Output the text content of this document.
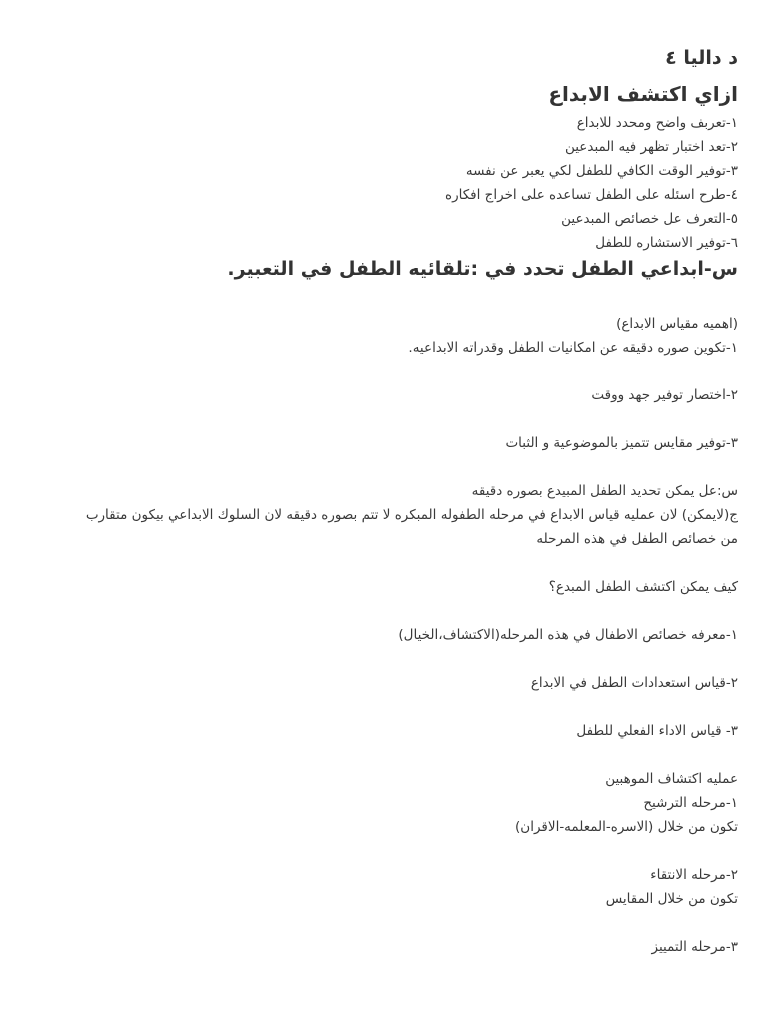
د داليا ٤
ازاي اكتشف الابداع
١-تعربف واضح ومحدد للابداع
٢-تعد اختبار تظهر فيه المبدعين
٣-توفير الوقت الكافي للطفل لكي يعبر عن نفسه
٤-طرح اسئله على الطفل تساعده على اخراج افكاره
٥-التعرف عل خصائص المبدعين
٦-توفير الاستشاره للطفل
س-ابداعي الطفل تحدد في :تلقائيه الطفل في التعبير.
(اهميه مقياس الابداع)
١-تكوين صوره دقيقه عن امكانيات الطفل وقدراته الابداعيه.
٢-اختصار توفير جهد ووقت
٣-توفير مقايس تتميز بالموضوعية و الثبات
س:عل يمكن تحديد الطفل المبيدع بصوره دقيقه
ج(لايمكن) لان عمليه قياس الابداع في مرحله الطفوله المبكره لا تتم بصوره دقيقه لان السلوك الابداعي بيكون متقارب
من خصائص الطفل في هذه المرحله
كيف يمكن اكتشف الطفل المبدع؟
١-معرفه خصائص الاطفال في هذه المرحله(الاكتشاف،الخيال)
٢-قياس استعدادات الطفل في الابداع
٣- قياس الاداء الفعلي للطفل
عمليه اكتشاف الموهبين
١-مرحله الترشيح
تكون من خلال (الاسره-المعلمه-الاقران)
٢-مرحله الانتقاء
تكون من خلال المقايس
٣-مرحله التمييز
